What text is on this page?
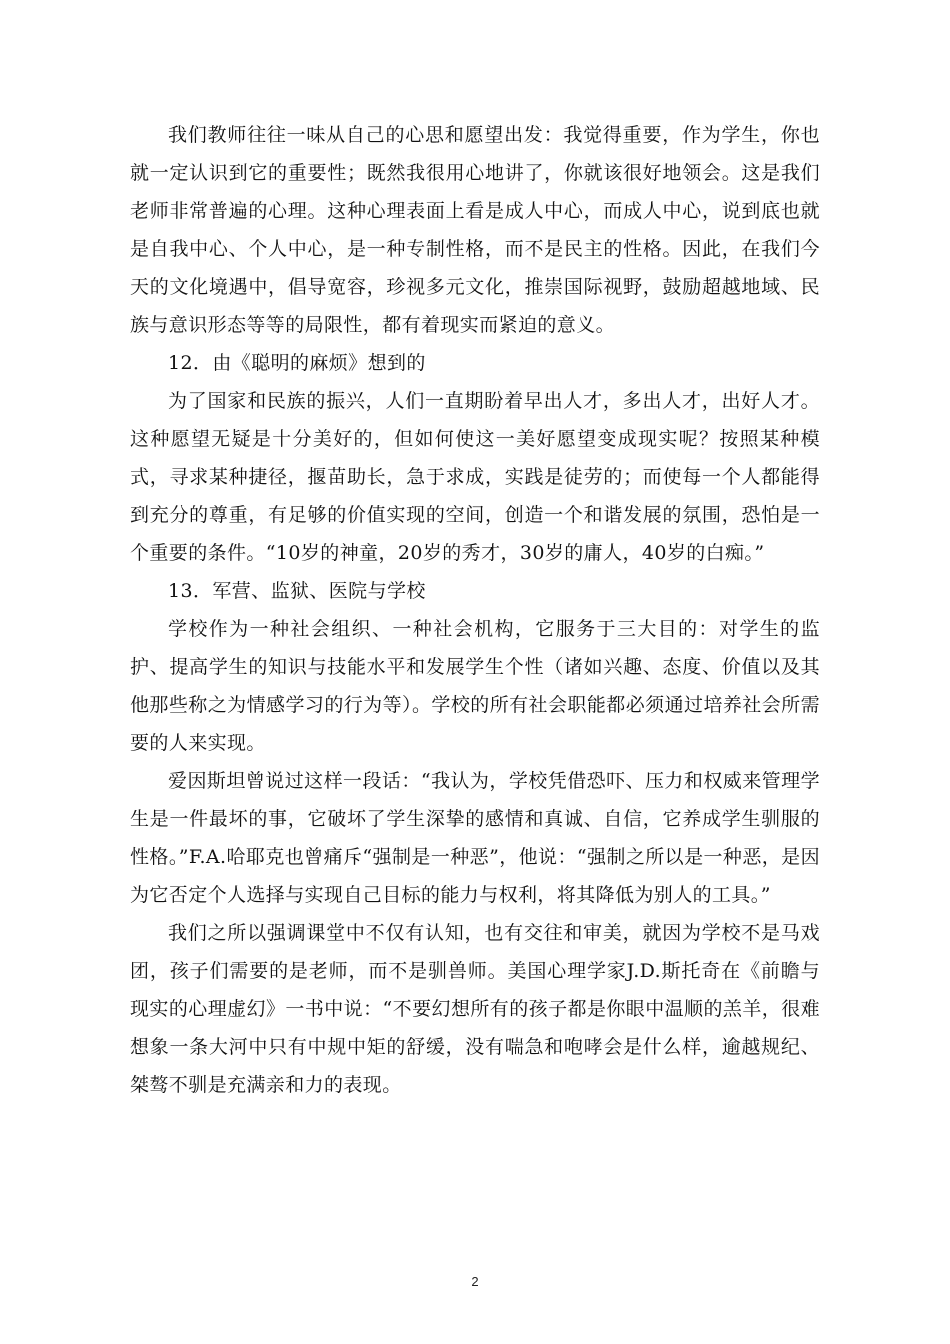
我们教师往往一味从自己的心思和愿望出发：我觉得重要，作为学生，你也就一定认识到它的重要性；既然我很用心地讲了，你就该很好地领会。这是我们老师非常普遍的心理。这种心理表面上看是成人中心，而成人中心，说到底也就是自我中心、个人中心，是一种专制性格，而不是民主的性格。因此，在我们今天的文化境遇中，倡导宽容，珍视多元文化，推崇国际视野，鼓励超越地域、民族与意识形态等等的局限性，都有着现实而紧迫的意义。

12．由《聪明的麻烦》想到的

为了国家和民族的振兴，人们一直期盼着早出人才，多出人才，出好人才。这种愿望无疑是十分美好的，但如何使这一美好愿望变成现实呢？按照某种模式，寻求某种捷径，揠苗助长，急于求成，实践是徒劳的；而使每一个人都能得到充分的尊重，有足够的价值实现的空间，创造一个和谐发展的氛围，恐怕是一个重要的条件。“10岁的神童，20岁的秀才，30岁的庸人，40岁的白痴。”

13．军营、监狱、医院与学校

学校作为一种社会组织、一种社会机构，它服务于三大目的：对学生的监护、提高学生的知识与技能水平和发展学生个性（诸如兴趣、态度、价值以及其他那些称之为情感学习的行为等）。学校的所有社会职能都必须通过培养社会所需要的人来实现。

爱因斯坦曾说过这样一段话：“我认为，学校凭借恐吓、压力和权威来管理学生是一件最坏的事，它破坏了学生深挚的感情和真诚、自信，它养成学生驯服的性格。”F.A.哈耶克也曾痛斥“强制是一种恶”，他说：“强制之所以是一种恶，是因为它否定个人选择与实现自己目标的能力与权利，将其降低为别人的工具。”

我们之所以强调课堂中不仅有认知，也有交往和审美，就因为学校不是马戏团，孩子们需要的是老师，而不是驯兽师。美国心理学家J.D.斯托奇在《前瞻与现实的心理虚幻》一书中说：“不要幻想所有的孩子都是你眼中温顺的羔羊，很难想象一条大河中只有中规中矩的舒缓，没有喘急和咆哮会是什么样，逾越规纪、桀骜不驯是充满亲和力的表现。

2
